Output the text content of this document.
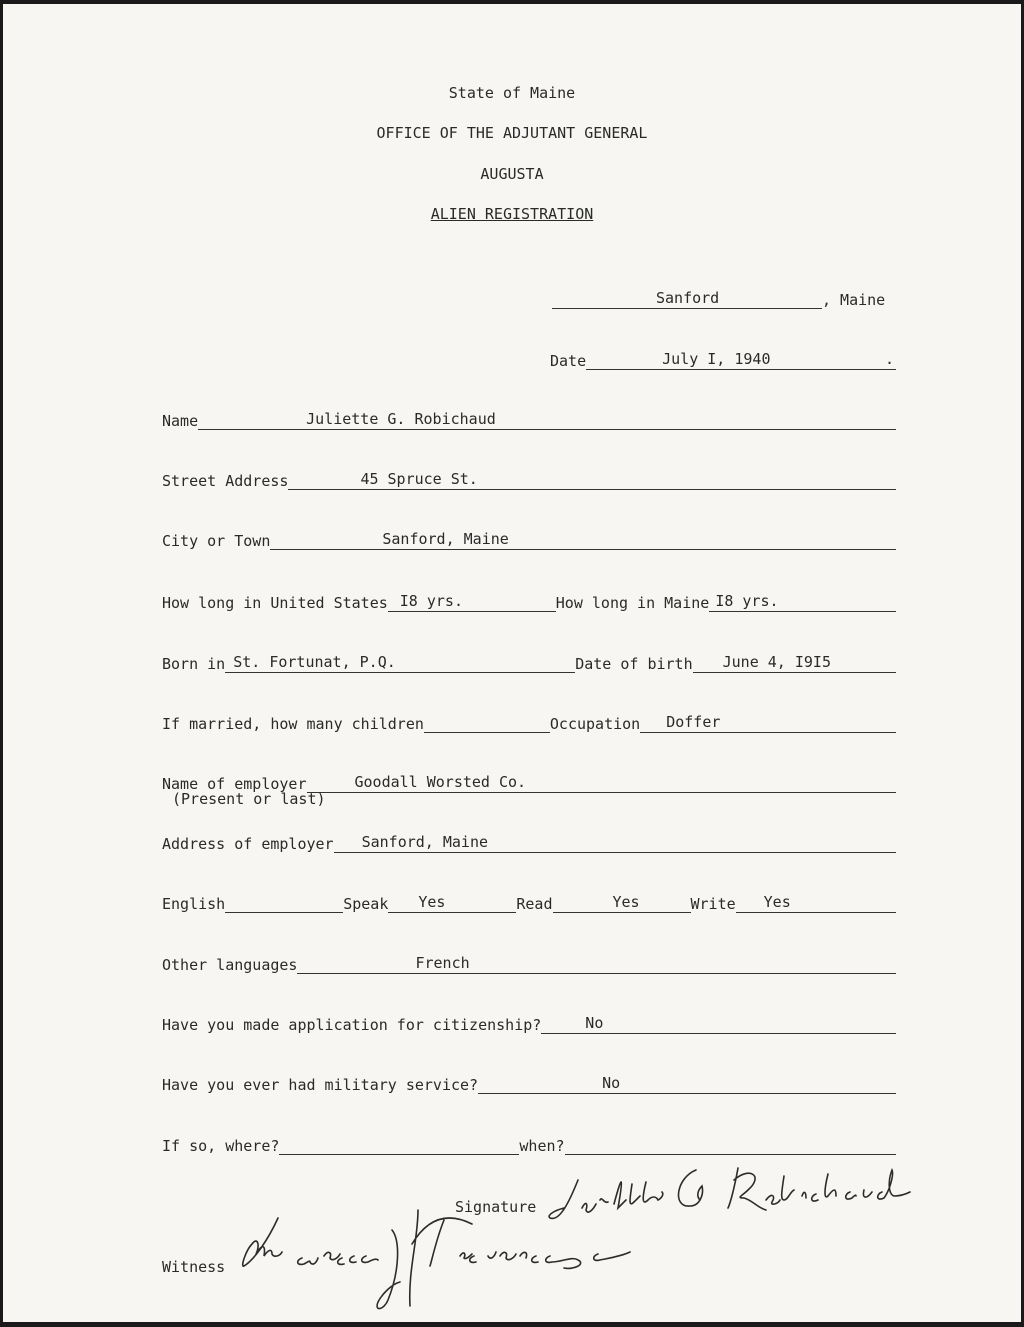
State of Maine
OFFICE OF THE ADJUTANT GENERAL
AUGUSTA
ALIEN REGISTRATION
Sanford	, Maine
Date	July I, 1940	.
Name	Juliette G. Robichaud
Street Address	45 Spruce St.
City or Town	Sanford, Maine
How long in United States I8 yrs.	How long in Maine I8 yrs.
Born in St. Fortunat, P.Q.	Date of birth June 4, I9I5
If married, how many children	Occupation Doffer
Name of employer	Goodall Worsted Co.
(Present or last)
Address of employer Sanford, Maine
English	Speak Yes	Read	Yes	Write Yes
Other languages	French
Have you made application for citizenship?	No
Have you ever had military service?	No
If so, where?	when?
Signature
Witness
